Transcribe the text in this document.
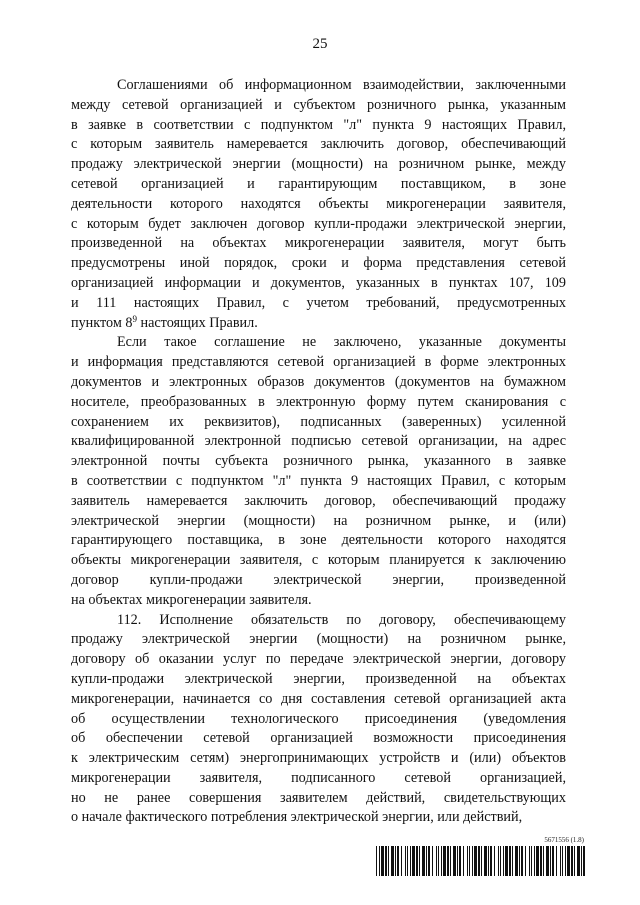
25
Соглашениями об информационном взаимодействии, заключенными
между сетевой организацией и субъектом розничного рынка, указанным
в заявке в соответствии с подпунктом "л" пункта 9 настоящих Правил,
с которым заявитель намеревается заключить договор, обеспечивающий
продажу электрической энергии (мощности) на розничном рынке, между
сетевой организацией и гарантирующим поставщиком, в зоне
деятельности которого находятся объекты микрогенерации заявителя,
с которым будет заключен договор купли-продажи электрической энергии,
произведенной на объектах микрогенерации заявителя, могут быть
предусмотрены иной порядок, сроки и форма представления сетевой
организацией информации и документов, указанных в пунктах 107, 109
и 111 настоящих Правил, с учетом требований, предусмотренных
пунктом $8^9$ настоящих Правил.
Если такое соглашение не заключено, указанные документы
и информация представляются сетевой организацией в форме электронных
документов и электронных образов документов (документов на бумажном
носителе, преобразованных в электронную форму путем сканирования с
сохранением их реквизитов), подписанных (заверенных) усиленной
квалифицированной электронной подписью сетевой организации, на адрес
электронной почты субъекта розничного рынка, указанного в заявке
в соответствии с подпунктом "л" пункта 9 настоящих Правил, с которым
заявитель намеревается заключить договор, обеспечивающий продажу
электрической энергии (мощности) на розничном рынке, и (или)
гарантирующего поставщика, в зоне деятельности которого находятся
объекты микрогенерации заявителя, с которым планируется к заключению
договор купли-продажи электрической энергии, произведенной
на объектах микрогенерации заявителя.
112. Исполнение обязательств по договору, обеспечивающему
продажу электрической энергии (мощности) на розничном рынке,
договору об оказании услуг по передаче электрической энергии, договору
купли-продажи электрической энергии, произведенной на объектах
микрогенерации, начинается со дня составления сетевой организацией акта
об осуществлении технологического присоединения (уведомления
об обеспечении сетевой организацией возможности присоединения
к электрическим сетям) энергопринимающих устройств и (или) объектов
микрогенерации заявителя, подписанного сетевой организацией,
но не ранее совершения заявителем действий, свидетельствующих
о начале фактического потребления электрической энергии, или действий,
5671556 (1.8)
